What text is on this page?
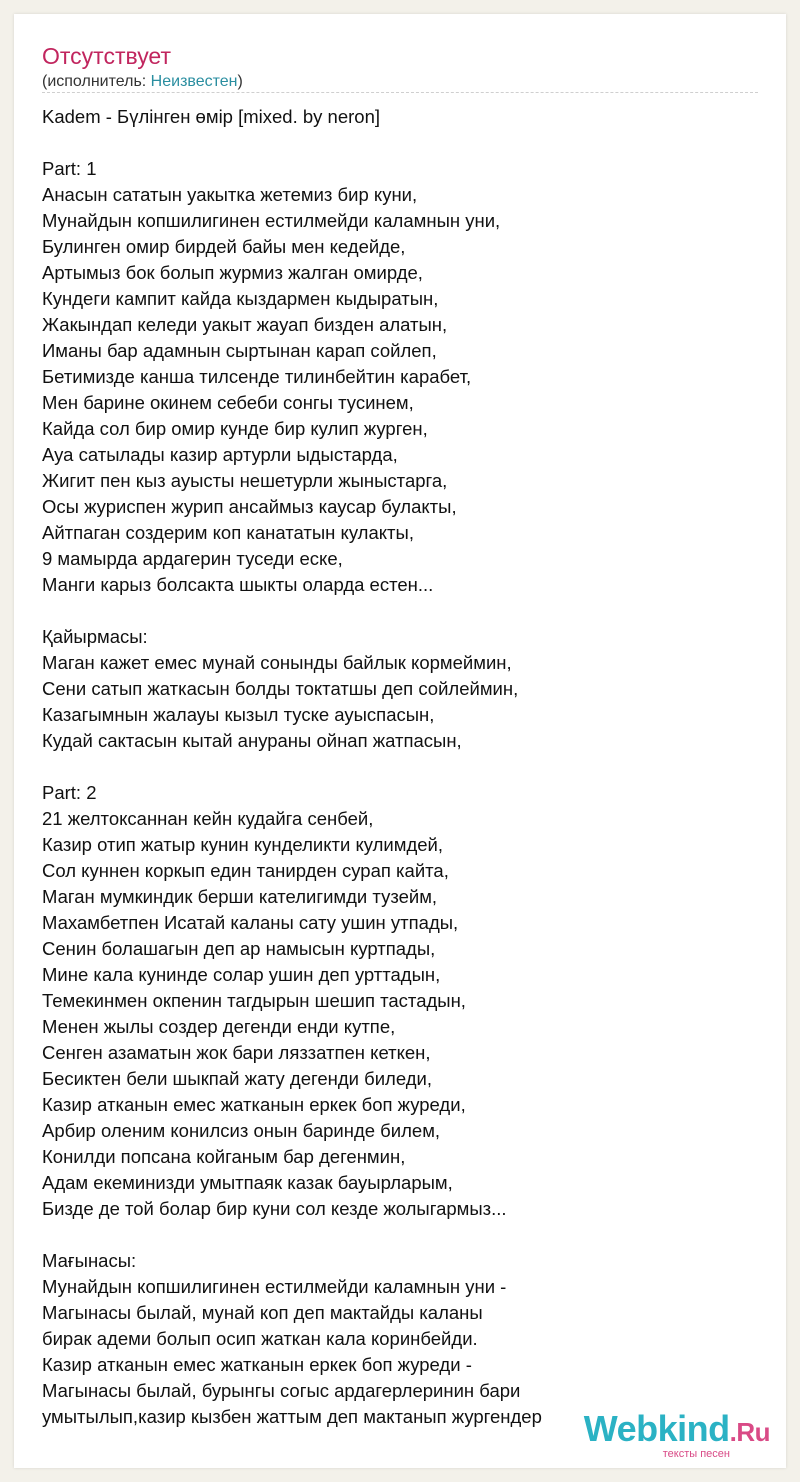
Отсутствует
(исполнитель: Неизвестен)
Kadem - Бүлінген өмір [mixed. by neron]
Part: 1
Анасын сататын уакытка жетемиз бир куни,
Мунайдын копшилигинен естилмейди каламнын уни,
Булинген омир бирдей байы мен кедейде,
Артымыз бок болып журмиз жалган омирде,
Кундеги кампит кайда кыздармен кыдыратын,
Жакындап келеди уакыт жауап бизден алатын,
Иманы бар адамнын сыртынан карап сойлеп,
Бетимизде канша тилсенде тилинбейтин карабет,
Мен барине окинем себеби сонгы тусинем,
Кайда сол бир омир кунде бир кулип журген,
Ауа сатылады казир артурли ыдыстарда,
Жигит пен кыз ауысты нешетурли жыныстарга,
Осы журиспен журип ансаймыз каусар булакты,
Айтпаган создерим коп канататын кулакты,
9 мамырда ардагерин туседи еске,
Манги карыз болсакта шыкты оларда естен...
Қайырмасы:
Маган кажет емес мунай сонынды байлык кормеймин,
Сени сатып жаткасын болды токтатшы деп сойлеймин,
Казагымнын жалауы кызыл туске ауыспасын,
Кудай сактасын кытай анураны ойнап жатпасын,
Part: 2
21 желтоксаннан кейн кудайга сенбей,
Казир отип жатыр кунин кунделикти кулимдей,
Сол куннен коркып един танирден сурап кайта,
Маган мумкиндик берши кателигимди тузейм,
Махамбетпен Исатай каланы сату ушин утпады,
Сенин болашагын деп ар намысын куртпады,
Мине кала кунинде солар ушин деп урттадын,
Темекинмен окпенин тагдырын шешип тастадын,
Менен жылы создер дегенди енди кутпе,
Сенген азаматын жок бари ляззатпен кеткен,
Бесиктен бели шыкпай жату дегенди биледи,
Казир атканын емес жатканын еркек боп журеди,
Арбир оленим конилсиз онын баринде билем,
Конилди попсана койганым бар дегенмин,
Адам екеминизди умытпаяк казак бауырларым,
Бизде де той болар бир куни сол кезде жолыгармыз...
Мағынасы:
Мунайдын копшилигинен естилмейди каламнын уни -
Магынасы былай, мунай коп деп мактайды каланы
бирак адеми болып осип жаткан кала коринбейди.
Казир атканын емес жатканын еркек боп журеди -
Магынасы былай, бурынгы согыс ардагерлеринин бари
умытылып,казир кызбен жаттым деп мактанып жургендер	Webkind.Ru
тексты песен
